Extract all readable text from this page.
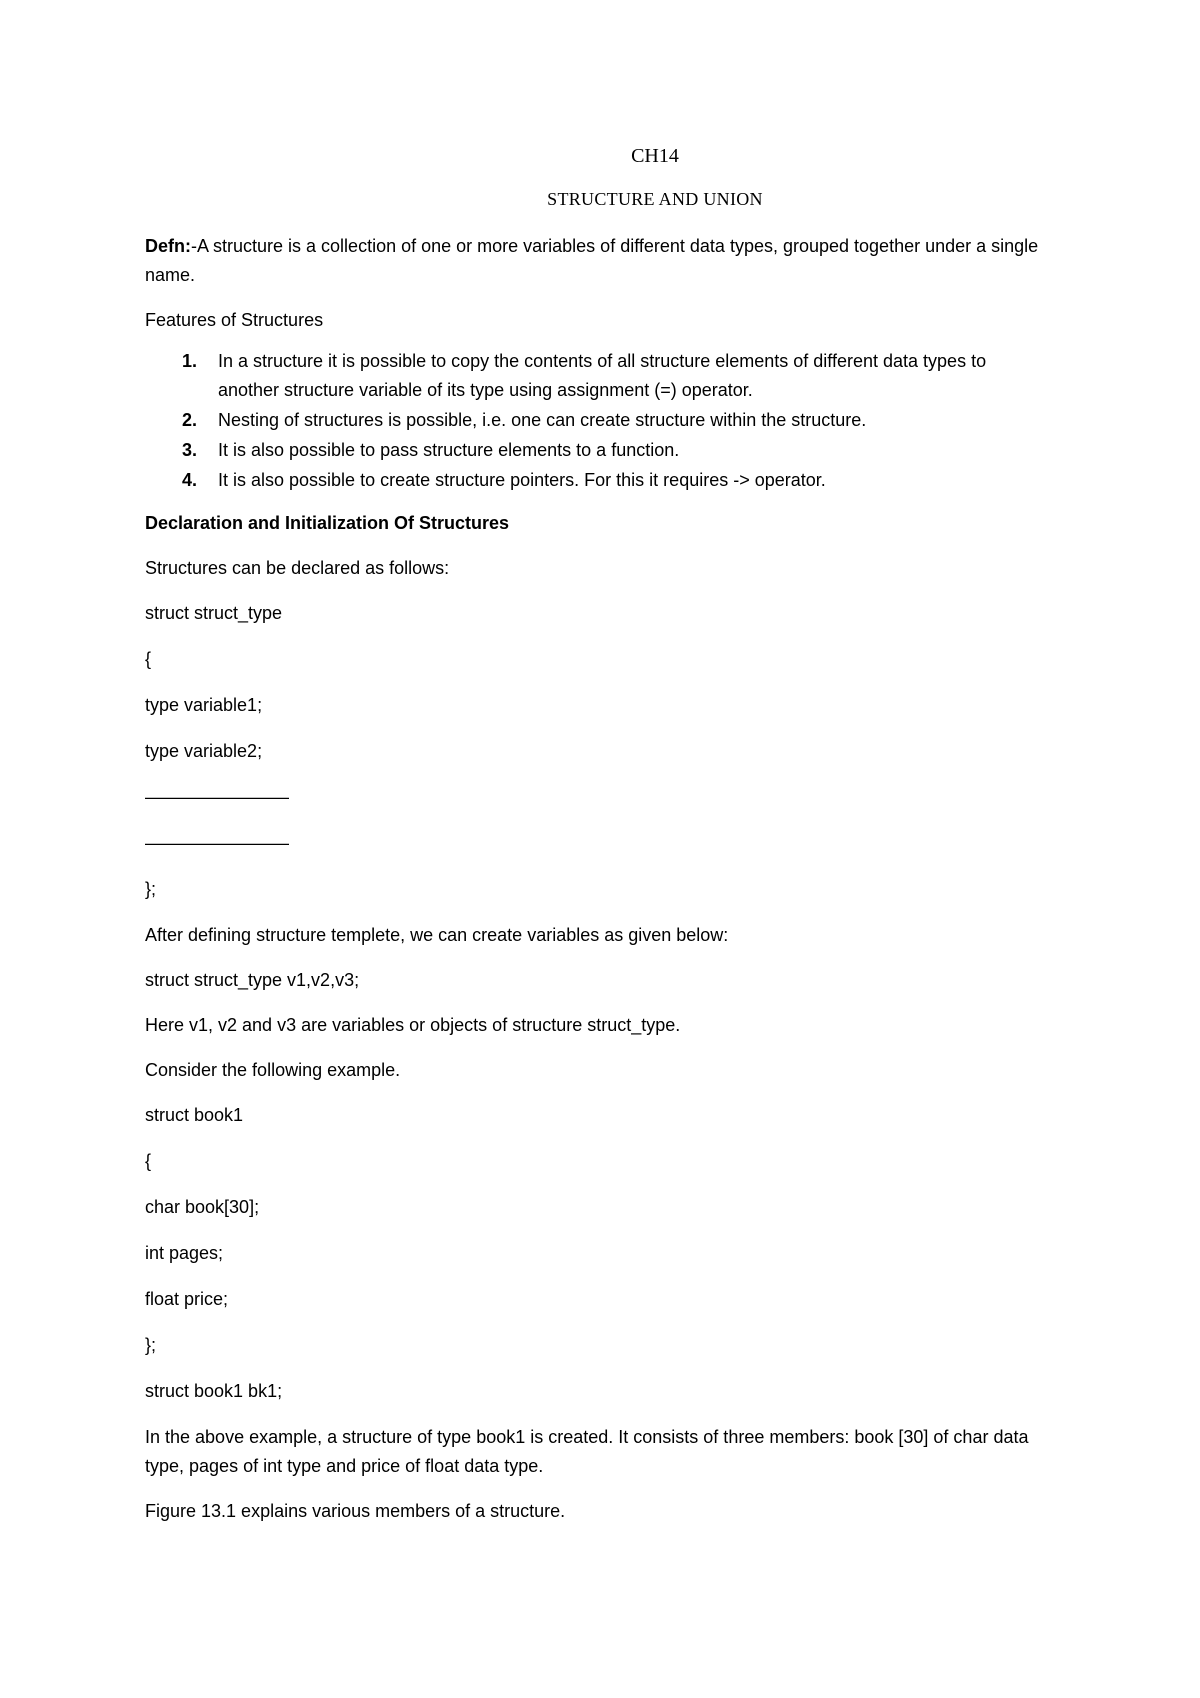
CH14
STRUCTURE AND UNION

Defn:-A structure is a collection of one or more variables of different data types, grouped together under a single name.

Features of Structures

1. In a structure it is possible to copy the contents of all structure elements of different data types to another structure variable of its type using assignment (=) operator.
2. Nesting of structures is possible, i.e. one can create structure within the structure.
3. It is also possible to pass structure elements to a function.
4. It is also possible to create structure pointers. For this it requires -> operator.

Declaration and Initialization Of Structures

Structures can be declared as follows:

struct struct_type
{
type variable1;
type variable2;
————————
————————
};

After defining structure templete, we can create variables as given below:

struct struct_type v1,v2,v3;

Here v1, v2 and v3 are variables or objects of structure struct_type.

Consider the following example.

struct book1
{
char book[30];
int pages;
float price;
};
struct book1 bk1;

In the above example, a structure of type book1 is created. It consists of three members: book [30] of char data type, pages of int type and price of float data type.

Figure 13.1 explains various members of a structure.
